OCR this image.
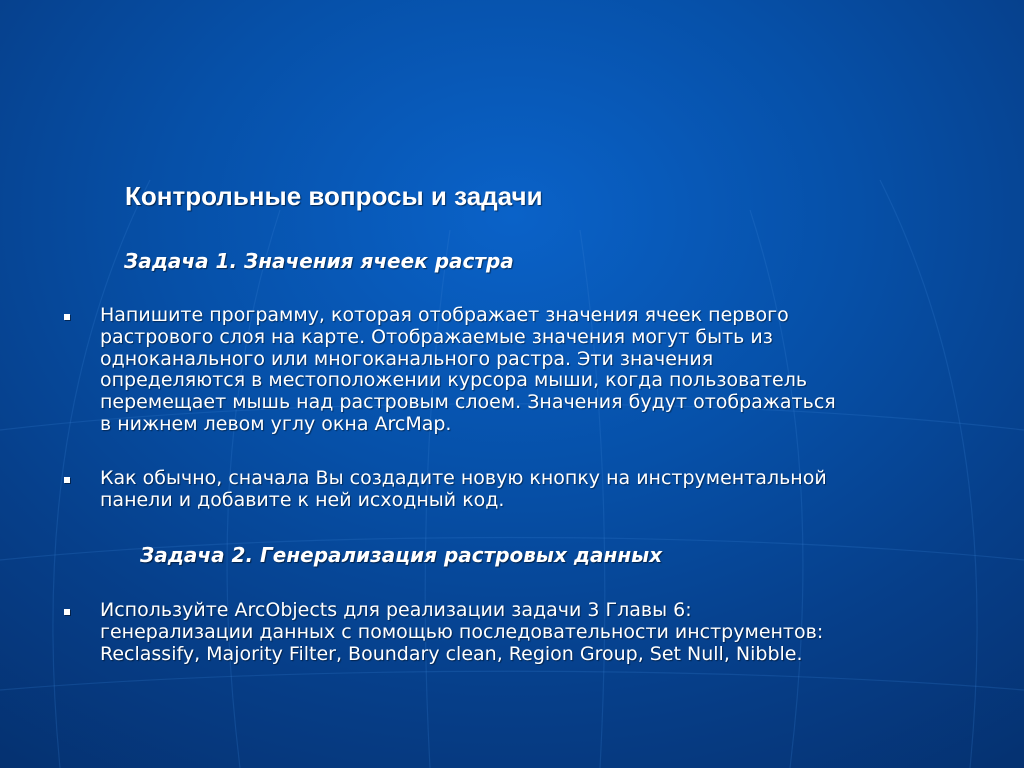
Контрольные вопросы и задачи
Задача 1. Значения ячеек растра
Напишите программу, которая отображает значения ячеек первого
растрового слоя на карте. Отображаемые значения могут быть из
одноканального или многоканального растра. Эти значения
определяются в местоположении курсора мыши, когда пользователь
перемещает мышь над растровым слоем. Значения будут отображаться
в нижнем левом углу окна ArcMap.
Как обычно, сначала Вы создадите новую кнопку на инструментальной
панели и добавите к ней исходный код.
Задача 2. Генерализация растровых данных
Используйте ArcObjects для реализации задачи 3 Главы 6:
генерализации данных с помощью последовательности инструментов:
Reclassify, Majority Filter, Boundary clean, Region Group, Set Null, Nibble.
